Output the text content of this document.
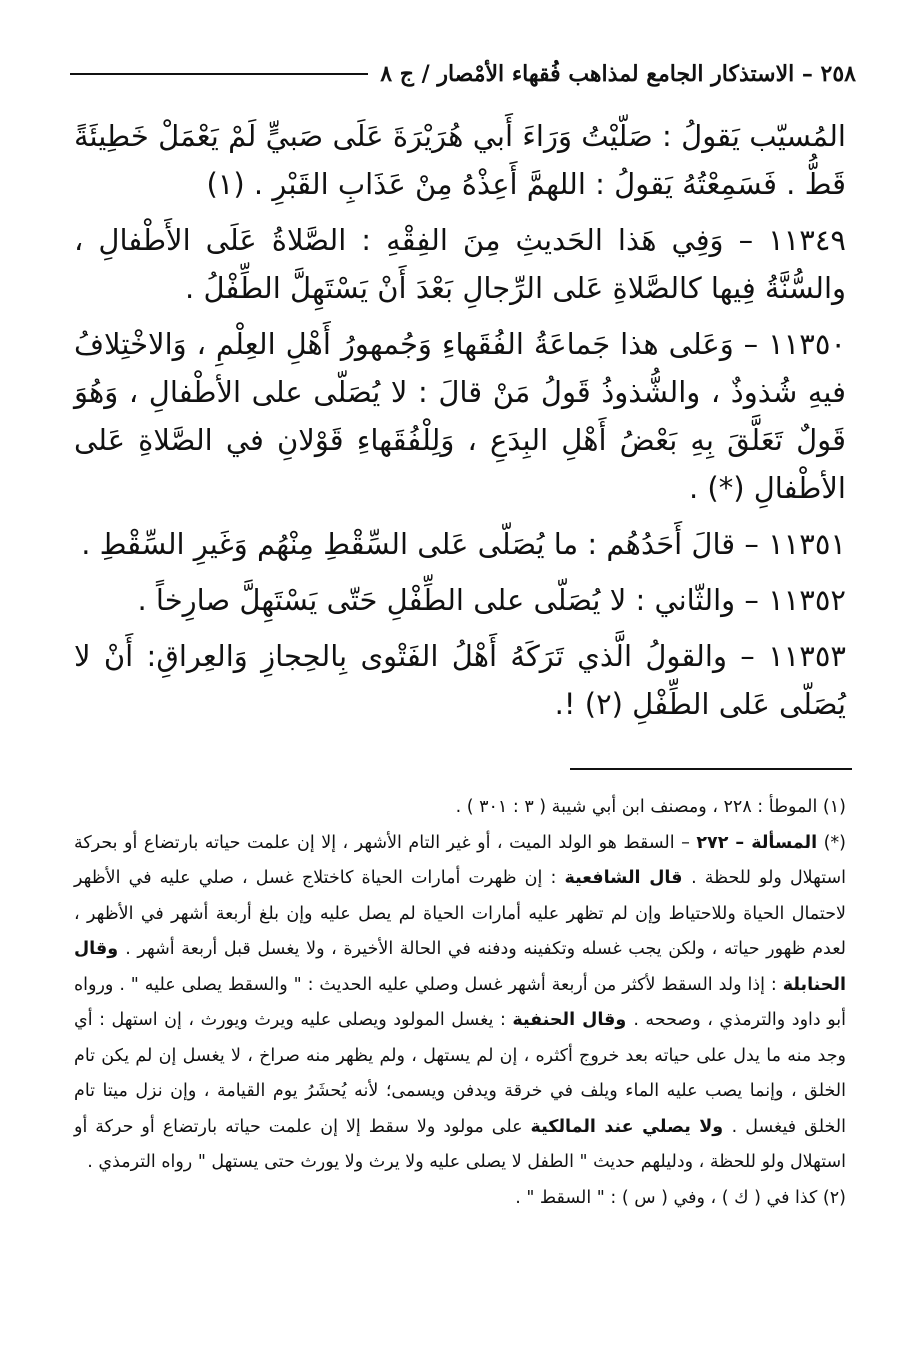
٢٥٨ – الاستذكار الجامع لمذاهب فُقهاء الأمْصار / ج ٨

المُسيّب يَقولُ : صَلّيْتُ وَرَاءَ أَبي هُرَيْرَةَ عَلَى صَبيٍّ لَمْ يَعْمَلْ خَطِيئَةً قَطُّ . فَسَمِعْتُهُ يَقولُ : اللهمَّ أَعِذْهُ مِنْ عَذَابِ القَبْرِ . (١)

١١٣٤٩ – وَفِي هَذا الحَديثِ مِنَ الفِقْهِ : الصَّلاةُ عَلَى الأَطْفالِ ، والسُّنَّةُ فِيها كالصَّلاةِ عَلى الرِّجالِ بَعْدَ أَنْ يَسْتَهِلَّ الطِّفْلُ .

١١٣٥٠ – وَعَلى هذا جَماعَةُ الفُقَهاءِ وَجُمهورُ أَهْلِ العِلْمِ ، وَالاخْتِلافُ فيهِ شُذوذٌ ، والشُّذوذُ قَولُ مَنْ قالَ : لا يُصَلّى على الأطْفالِ ، وَهُوَ قَولٌ تَعَلَّقَ بِهِ بَعْضُ أَهْلِ البِدَعِ ، وَلِلْفُقَهاءِ قَوْلانِ في الصَّلاةِ عَلى الأطْفالِ (*) .

١١٣٥١ – قالَ أَحَدُهُم : ما يُصَلّى عَلى السِّقْطِ مِنْهُم وَغَيرِ السِّقْطِ .

١١٣٥٢ – والثّاني : لا يُصَلّى على الطِّفْلِ حَتّى يَسْتَهِلَّ صارِخاً .

١١٣٥٣ – والقولُ الَّذي تَرَكَهُ أَهْلُ الفَتْوى بِالحِجازِ وَالعِراقِ: أَنْ لا يُصَلّى عَلى الطِّفْلِ (٢) !.

(١) الموطأ : ٢٢٨ ، ومصنف ابن أبي شيبة ( ٣ : ٣٠١ ) .

(*) المسألة – ٢٧٢ – السقط هو الولد الميت ، أو غير التام الأشهر ، إلا إن علمت حياته بارتضاع أو بحركة استهلال ولو للحظة . قال الشافعية : إن ظهرت أمارات الحياة كاختلاج غسل ، صلي عليه في الأظهر لاحتمال الحياة وللاحتياط وإن لم تظهر عليه أمارات الحياة لم يصل عليه وإن بلغ أربعة أشهر في الأظهر ، لعدم ظهور حياته ، ولكن يجب غسله وتكفينه ودفنه في الحالة الأخيرة ، ولا يغسل قبل أربعة أشهر . وقال الحنابلة : إذا ولد السقط لأكثر من أربعة أشهر غسل وصلي عليه الحديث : " والسقط يصلى عليه " . ورواه أبو داود والترمذي ، وصححه . وقال الحنفية : يغسل المولود ويصلى عليه ويرث ويورث ، إن استهل : أي وجد منه ما يدل على حياته بعد خروج أكثره ، إن لم يستهل ، ولم يظهر منه صراخ ، لا يغسل إن لم يكن تام الخلق ، وإنما يصب عليه الماء ويلف في خرقة ويدفن ويسمى؛ لأنه يُحشَرُ يوم القيامة ، وإن نزل ميتا تام الخلق فيغسل . ولا يصلي عند المالكية على مولود ولا سقط إلا إن علمت حياته بارتضاع أو حركة أو استهلال ولو للحظة ، ودليلهم حديث " الطفل لا يصلى عليه ولا يرث ولا يورث حتى يستهل " رواه الترمذي .

(٢) كذا في ( ك ) ، وفي ( س ) : " السقط " .
